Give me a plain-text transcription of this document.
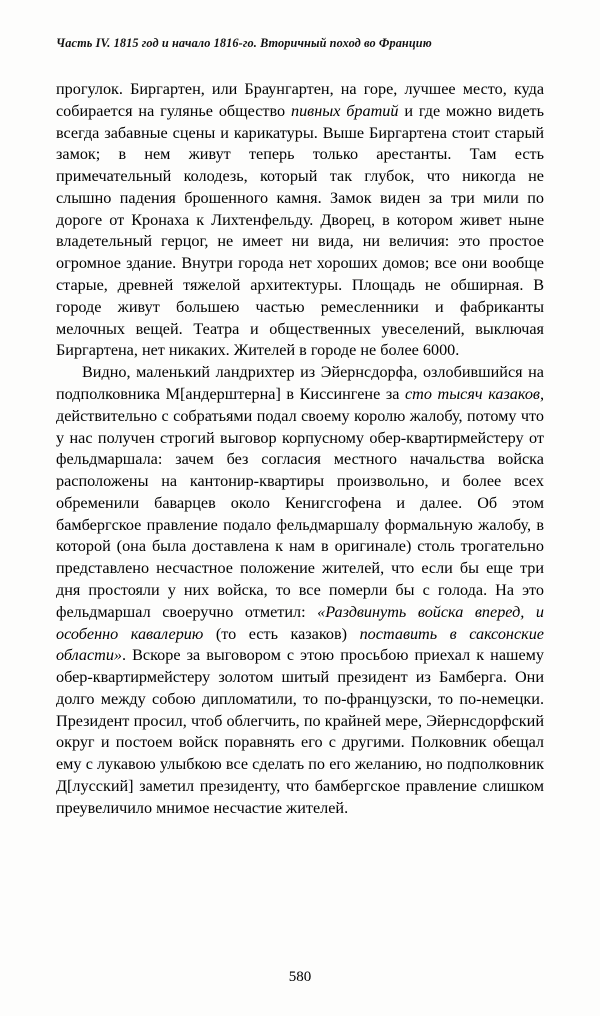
Часть IV. 1815 год и начало 1816-го. Вторичный поход во Францию

прогулок. Биргартен, или Браунгартен, на горе, лучшее место, куда собирается на гулянье общество пивных братий и где можно видеть всегда забавные сцены и карикатуры. Выше Биргартена стоит старый замок; в нем живут теперь только арестанты. Там есть примечательный колодезь, который так глубок, что никогда не слышно падения брошенного камня. Замок виден за три мили по дороге от Кронаха к Лихтенфельду. Дворец, в котором живет ныне владетельный герцог, не имеет ни вида, ни величия: это простое огромное здание. Внутри города нет хороших домов; все они вообще старые, древней тяжелой архитектуры. Площадь не обширная. В городе живут большею частью ремесленники и фабриканты мелочных вещей. Театра и общественных увеселений, выключая Биргартена, нет никаких. Жителей в городе не более 6000.

Видно, маленький ландрихтер из Эйернсдорфа, озлобившийся на подполковника М[андерштерна] в Киссингене за сто тысяч казаков, действительно с собратьями подал своему королю жалобу, потому что у нас получен строгий выговор корпусному обер-квартирмейстеру от фельдмаршала: зачем без согласия местного начальства войска расположены на кантонир-квартиры произвольно, и более всех обременили баварцев около Кенигсгофена и далее. Об этом бамбергское правление подало фельдмаршалу формальную жалобу, в которой (она была доставлена к нам в оригинале) столь трогательно представлено несчастное положение жителей, что если бы еще три дня простояли у них войска, то все померли бы с голода. На это фельдмаршал своеручно отметил: «Раздвинуть войска вперед, и особенно кавалерию (то есть казаков) поставить в саксонские области». Вскоре за выговором с этою просьбою приехал к нашему обер-квартирмейстеру золотом шитый президент из Бамберга. Они долго между собою дипломатили, то по-французски, то по-немецки. Президент просил, чтоб облегчить, по крайней мере, Эйернсдорфский округ и постоем войск поравнять его с другими. Полковник обещал ему с лукавою улыбкою все сделать по его желанию, но подполковник Д[лусский] заметил президенту, что бамбергское правление слишком преувеличило мнимое несчастие жителей.

580
